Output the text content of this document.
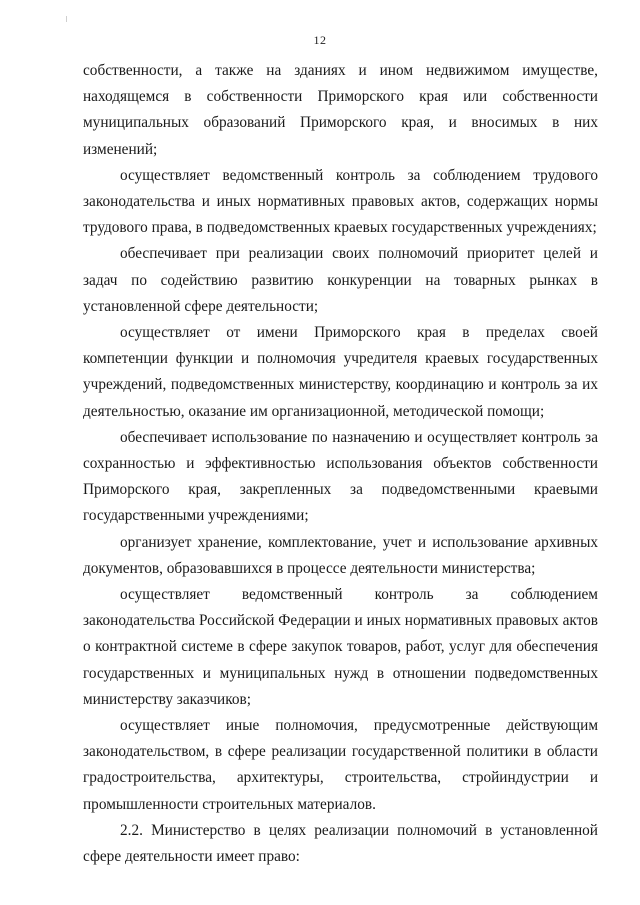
12

собственности, а также на зданиях и ином недвижимом имуществе, находящемся в собственности Приморского края или собственности муниципальных образований Приморского края, и вносимых в них изменений;

осуществляет ведомственный контроль за соблюдением трудового законодательства и иных нормативных правовых актов, содержащих нормы трудового права, в подведомственных краевых государственных учреждениях;

обеспечивает при реализации своих полномочий приоритет целей и задач по содействию развитию конкуренции на товарных рынках в установленной сфере деятельности;

осуществляет от имени Приморского края в пределах своей компетенции функции и полномочия учредителя краевых государственных учреждений, подведомственных министерству, координацию и контроль за их деятельностью, оказание им организационной, методической помощи;

обеспечивает использование по назначению и осуществляет контроль за сохранностью и эффективностью использования объектов собственности Приморского края, закрепленных за подведомственными краевыми государственными учреждениями;

организует хранение, комплектование, учет и использование архивных документов, образовавшихся в процессе деятельности министерства;

осуществляет ведомственный контроль за соблюдением законодательства Российской Федерации и иных нормативных правовых актов о контрактной системе в сфере закупок товаров, работ, услуг для обеспечения государственных и муниципальных нужд в отношении подведомственных министерству заказчиков;

осуществляет иные полномочия, предусмотренные действующим законодательством, в сфере реализации государственной политики в области градостроительства, архитектуры, строительства, стройиндустрии и промышленности строительных материалов.

2.2. Министерство в целях реализации полномочий в установленной сфере деятельности имеет право:
